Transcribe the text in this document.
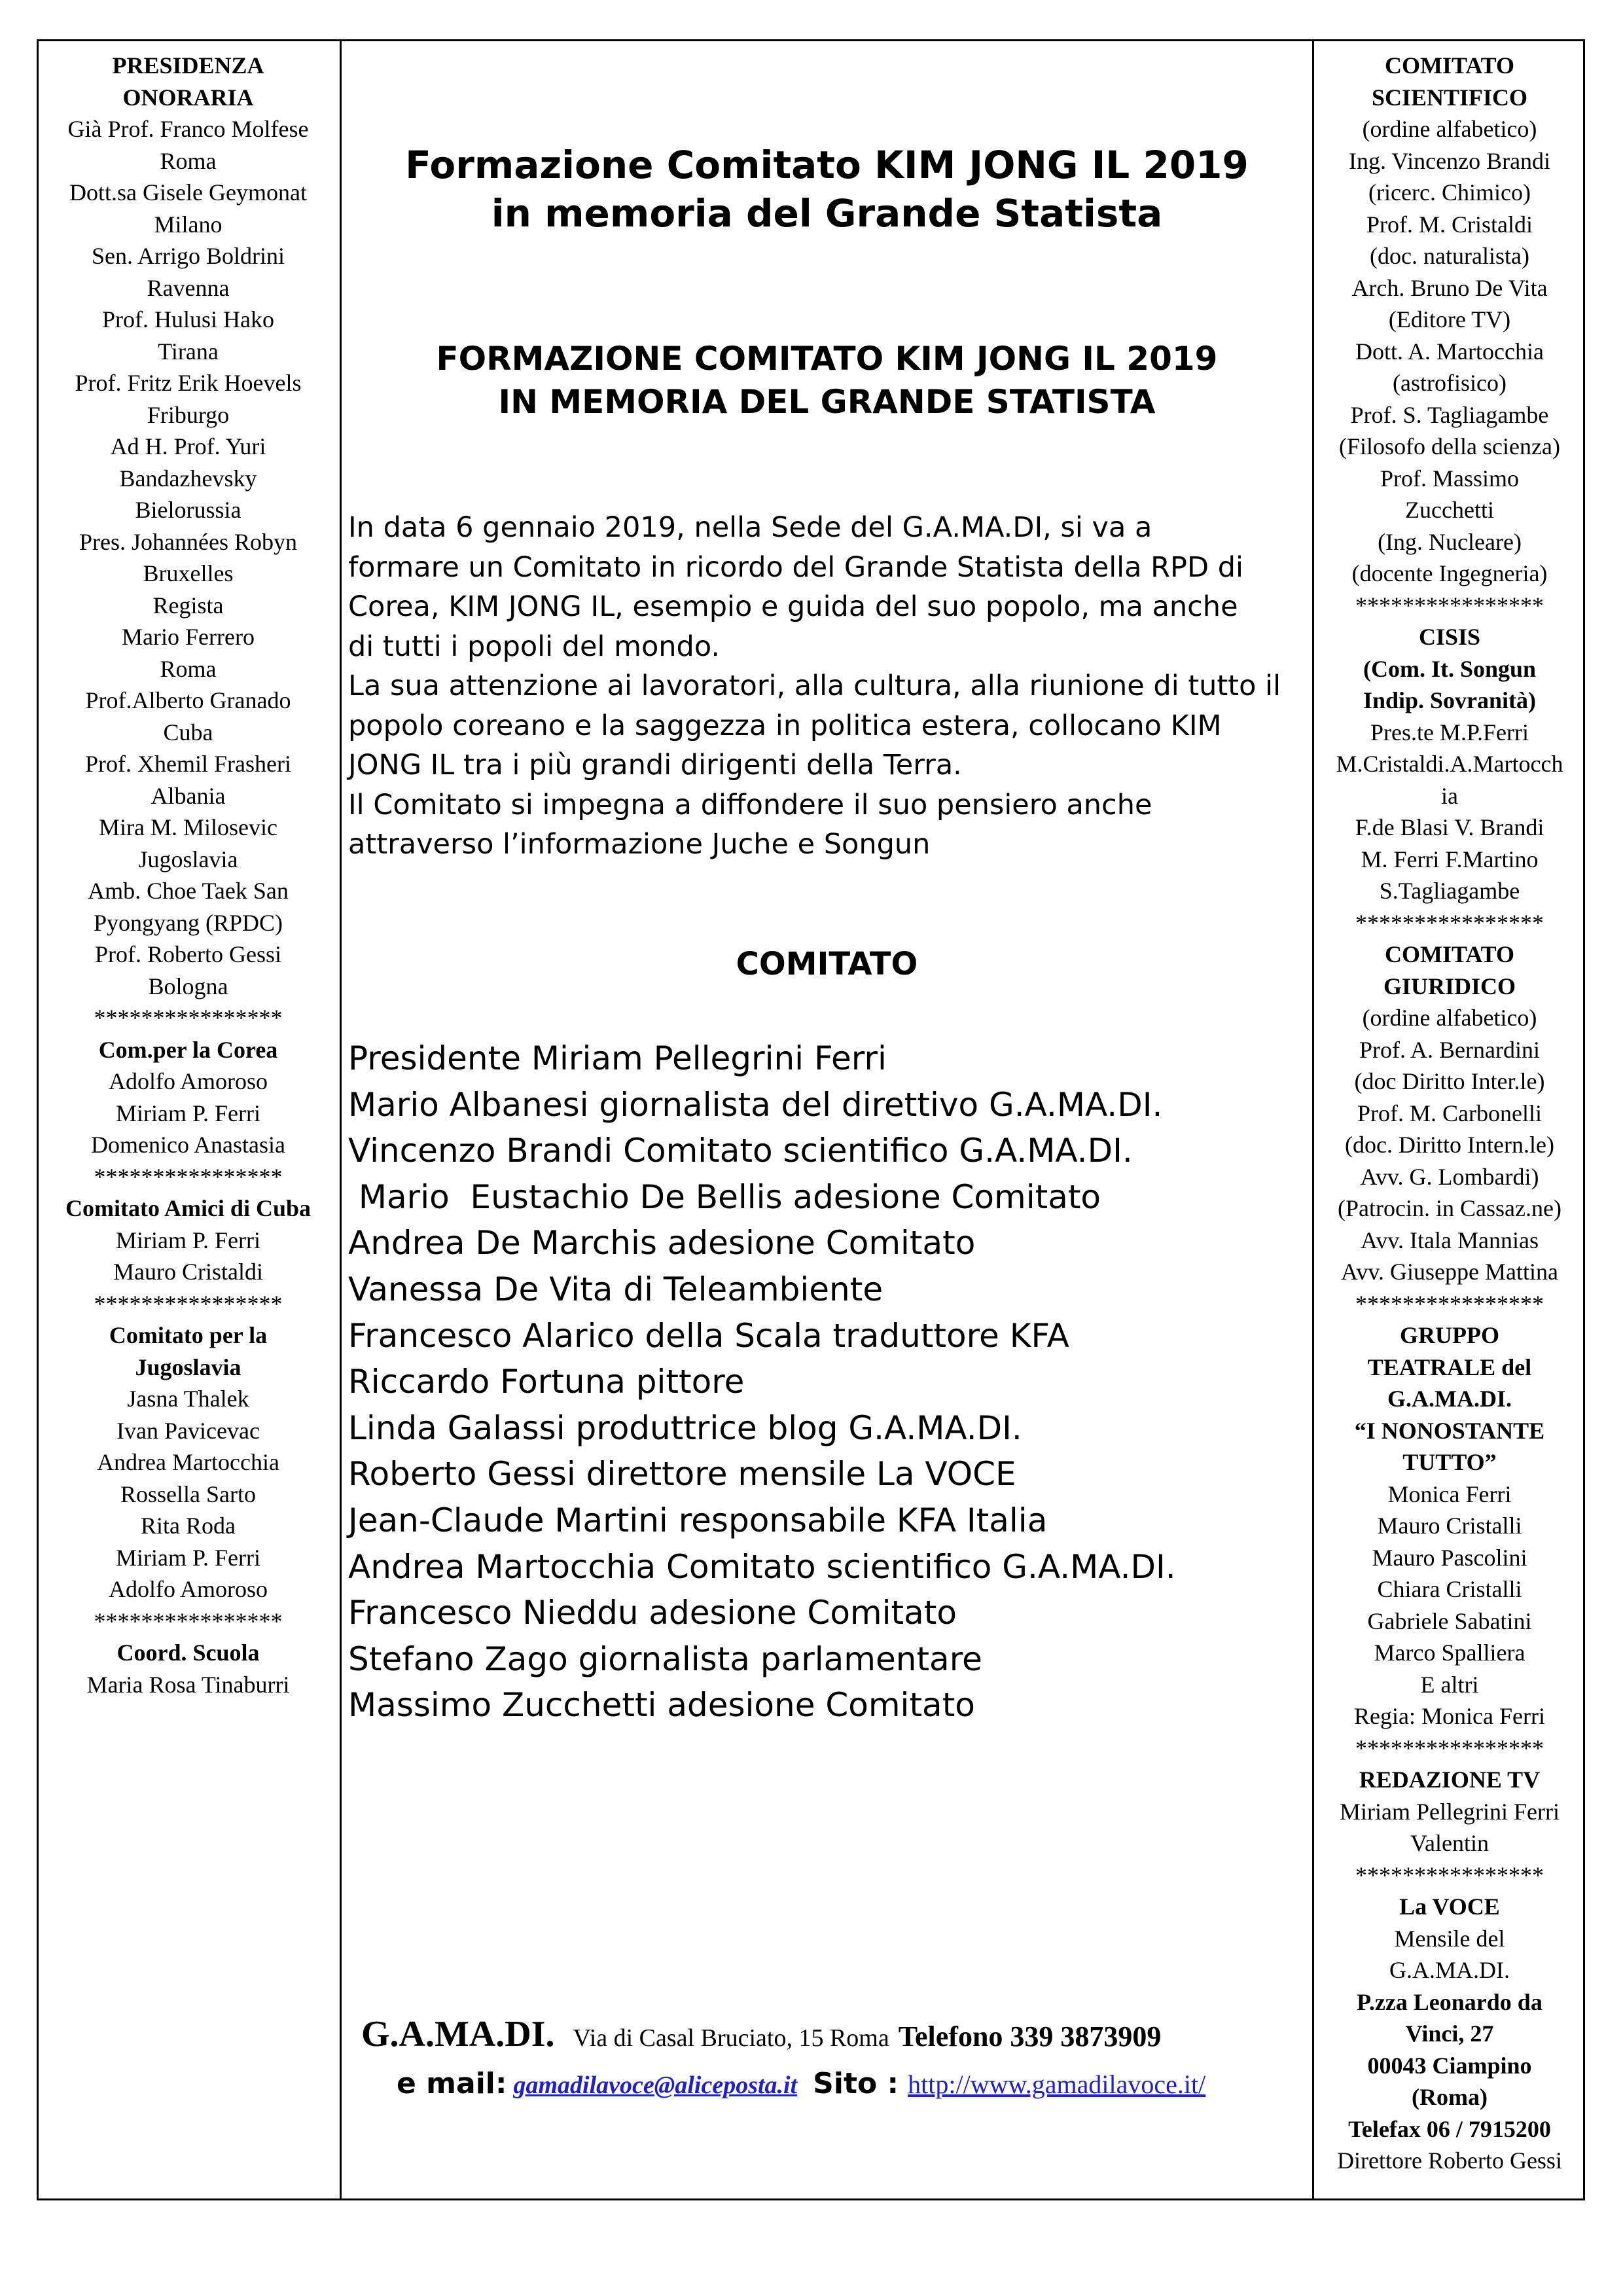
PRESIDENZA
ONORARIA
Già Prof. Franco Molfese
Roma
Dott.sa Gisele Geymonat
Milano
Sen. Arrigo Boldrini
Ravenna
Prof. Hulusi Hako
Tirana
Prof. Fritz Erik Hoevels
Friburgo
Ad H. Prof. Yuri
Bandazhevsky
Bielorussia
Pres. Johannées Robyn
Bruxelles
Regista
Mario Ferrero
Roma
Prof.Alberto Granado
Cuba
Prof. Xhemil Frasheri
Albania
Mira M. Milosevic
Jugoslavia
Amb. Choe Taek San
Pyongyang (RPDC)
Prof. Roberto Gessi
Bologna
****************
Com.per la Corea
Adolfo Amoroso
Miriam P. Ferri
Domenico Anastasia
****************
Comitato Amici di Cuba
Miriam P. Ferri
Mauro Cristaldi
****************
Comitato per la
Jugoslavia
Jasna Thalek
Ivan Pavicevac
Andrea Martocchia
Rossella Sarto
Rita Roda
Miriam P. Ferri
Adolfo Amoroso
****************
Coord. Scuola
Maria Rosa Tinaburri
Formazione Comitato KIM JONG IL 2019
in memoria del Grande Statista
FORMAZIONE COMITATO KIM JONG IL 2019
IN MEMORIA DEL GRANDE STATISTA
In data 6 gennaio 2019, nella Sede del G.A.MA.DI, si va a
formare un Comitato in ricordo del Grande Statista della RPD di
Corea, KIM JONG IL, esempio e guida del suo popolo, ma anche
di tutti i popoli del mondo.
La sua attenzione ai lavoratori, alla cultura, alla riunione di tutto il
popolo coreano e la saggezza in politica estera, collocano KIM
JONG IL tra i più grandi dirigenti della Terra.
Il Comitato si impegna a diffondere il suo pensiero anche
attraverso l’informazione Juche e Songun
COMITATO
Presidente Miriam Pellegrini Ferri
Mario Albanesi giornalista del direttivo G.A.MA.DI.
Vincenzo Brandi Comitato scientifico G.A.MA.DI.
Mario  Eustachio De Bellis adesione Comitato
Andrea De Marchis adesione Comitato
Vanessa De Vita di Teleambiente
Francesco Alarico della Scala traduttore KFA
Riccardo Fortuna pittore
Linda Galassi produttrice blog G.A.MA.DI.
Roberto Gessi direttore mensile La VOCE
Jean-Claude Martini responsabile KFA Italia
Andrea Martocchia Comitato scientifico G.A.MA.DI.
Francesco Nieddu adesione Comitato
Stefano Zago giornalista parlamentare
Massimo Zucchetti adesione Comitato
G.A.MA.DI. Via di Casal Bruciato, 15 Roma Telefono 339 3873909
e mail: gamadilavoce@aliceposta.it Sito : http://www.gamadilavoce.it/
COMITATO
SCIENTIFICO
(ordine alfabetico)
Ing. Vincenzo Brandi
(ricerc. Chimico)
Prof. M. Cristaldi
(doc. naturalista)
Arch. Bruno De Vita
(Editore TV)
Dott. A. Martocchia
(astrofisico)
Prof. S. Tagliagambe
(Filosofo della scienza)
Prof. Massimo
Zucchetti
(Ing. Nucleare)
(docente Ingegneria)
****************
CISIS
(Com. It. Songun
Indip. Sovranità)
Pres.te M.P.Ferri
M.Cristaldi.A.Martocch
ia
F.de Blasi V. Brandi
M. Ferri F.Martino
S.Tagliagambe
****************
COMITATO
GIURIDICO
(ordine alfabetico)
Prof. A. Bernardini
(doc Diritto Inter.le)
Prof. M. Carbonelli
(doc. Diritto Intern.le)
Avv. G. Lombardi)
(Patrocin. in Cassaz.ne)
Avv. Itala Mannias
Avv. Giuseppe Mattina
****************
GRUPPO
TEATRALE del
G.A.MA.DI.
“I NONOSTANTE
TUTTO”
Monica Ferri
Mauro Cristalli
Mauro Pascolini
Chiara Cristalli
Gabriele Sabatini
Marco Spalliera
E altri
Regia: Monica Ferri
****************
REDAZIONE TV
Miriam Pellegrini Ferri
Valentin
****************
La VOCE
Mensile del
G.A.MA.DI.
P.zza Leonardo da
Vinci, 27
00043 Ciampino
(Roma)
Telefax 06 / 7915200
Direttore Roberto Gessi
